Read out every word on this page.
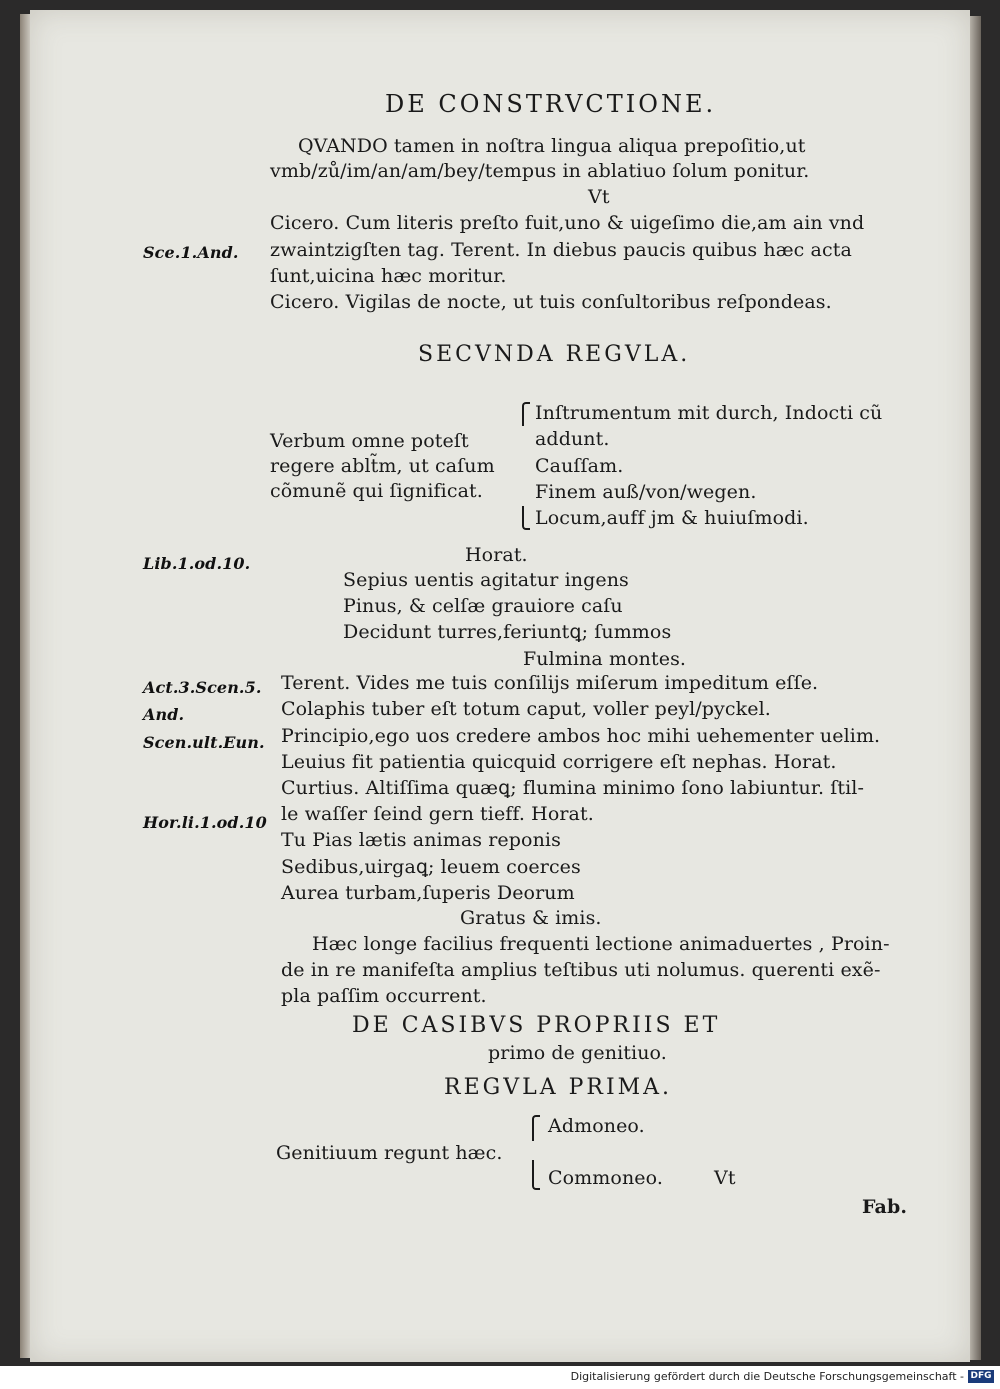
DE CONSTRVCTIONE.
QVANDO tamen in noſtra lingua aliqua prepoſitio,ut
vmb/zů/im/an/am/bey/tempus in ablatiuo ſolum ponitur.
Vt
Cicero. Cum literis preſto fuit,uno & uigeſimo die,am ain vnd
zwaintzigſten tag. Terent. In diebus paucis quibus hæc acta
ſunt,uicina hæc moritur.
Cicero. Vigilas de nocte, ut tuis conſultoribus reſpondeas.
Sce.1.And.
SECVNDA REGVLA.
Verbum omne poteſt
regere ablt̃m, ut caſum
cõmunẽ qui ſignificat.
Inſtrumentum mit durch, Indocti cũ
addunt.
Cauſſam.
Finem auß/von/wegen.
Locum,auff jm & huiuſmodi.
Lib.1.od.10.	Horat.
Sepius uentis agitatur ingens
Pinus, & celſæ grauiore caſu
Decidunt turres,feriuntꝗ; ſummos
Fulmina montes.
Act.3.Scen.5.
And.
Scen.ult.Eun.
Hor.li.1.od.10
Terent. Vides me tuis conſilijs miſerum impeditum eſſe.
Colaphis tuber eſt totum caput, voller peyl/pyckel.
Principio,ego uos credere ambos hoc mihi uehementer uelim.
Leuius fit patientia quicquid corrigere eſt nephas. Horat.
Curtius. Altiſſima quæꝗ; flumina minimo ſono labiuntur. ſtil-
le waſſer ſeind gern tieff. Horat.
Tu Pias lætis animas reponis
Sedibus,uirgaꝗ; leuem coerces
Aurea turbam,ſuperis Deorum
Gratus & imis.
Hæc longe facilius frequenti lectione animaduertes , Proin-
de in re manifeſta amplius teſtibus uti nolumus. querenti exẽ-
pla paſſim occurrent.
DE CASIBVS PROPRIIS ET
primo de genitiuo.
REGVLA PRIMA.
Genitiuum regunt hæc.
Admoneo.
Commoneo.	Vt
Fab.
Digitalisierung gefördert durch die Deutsche Forschungsgemeinschaft - DFG
